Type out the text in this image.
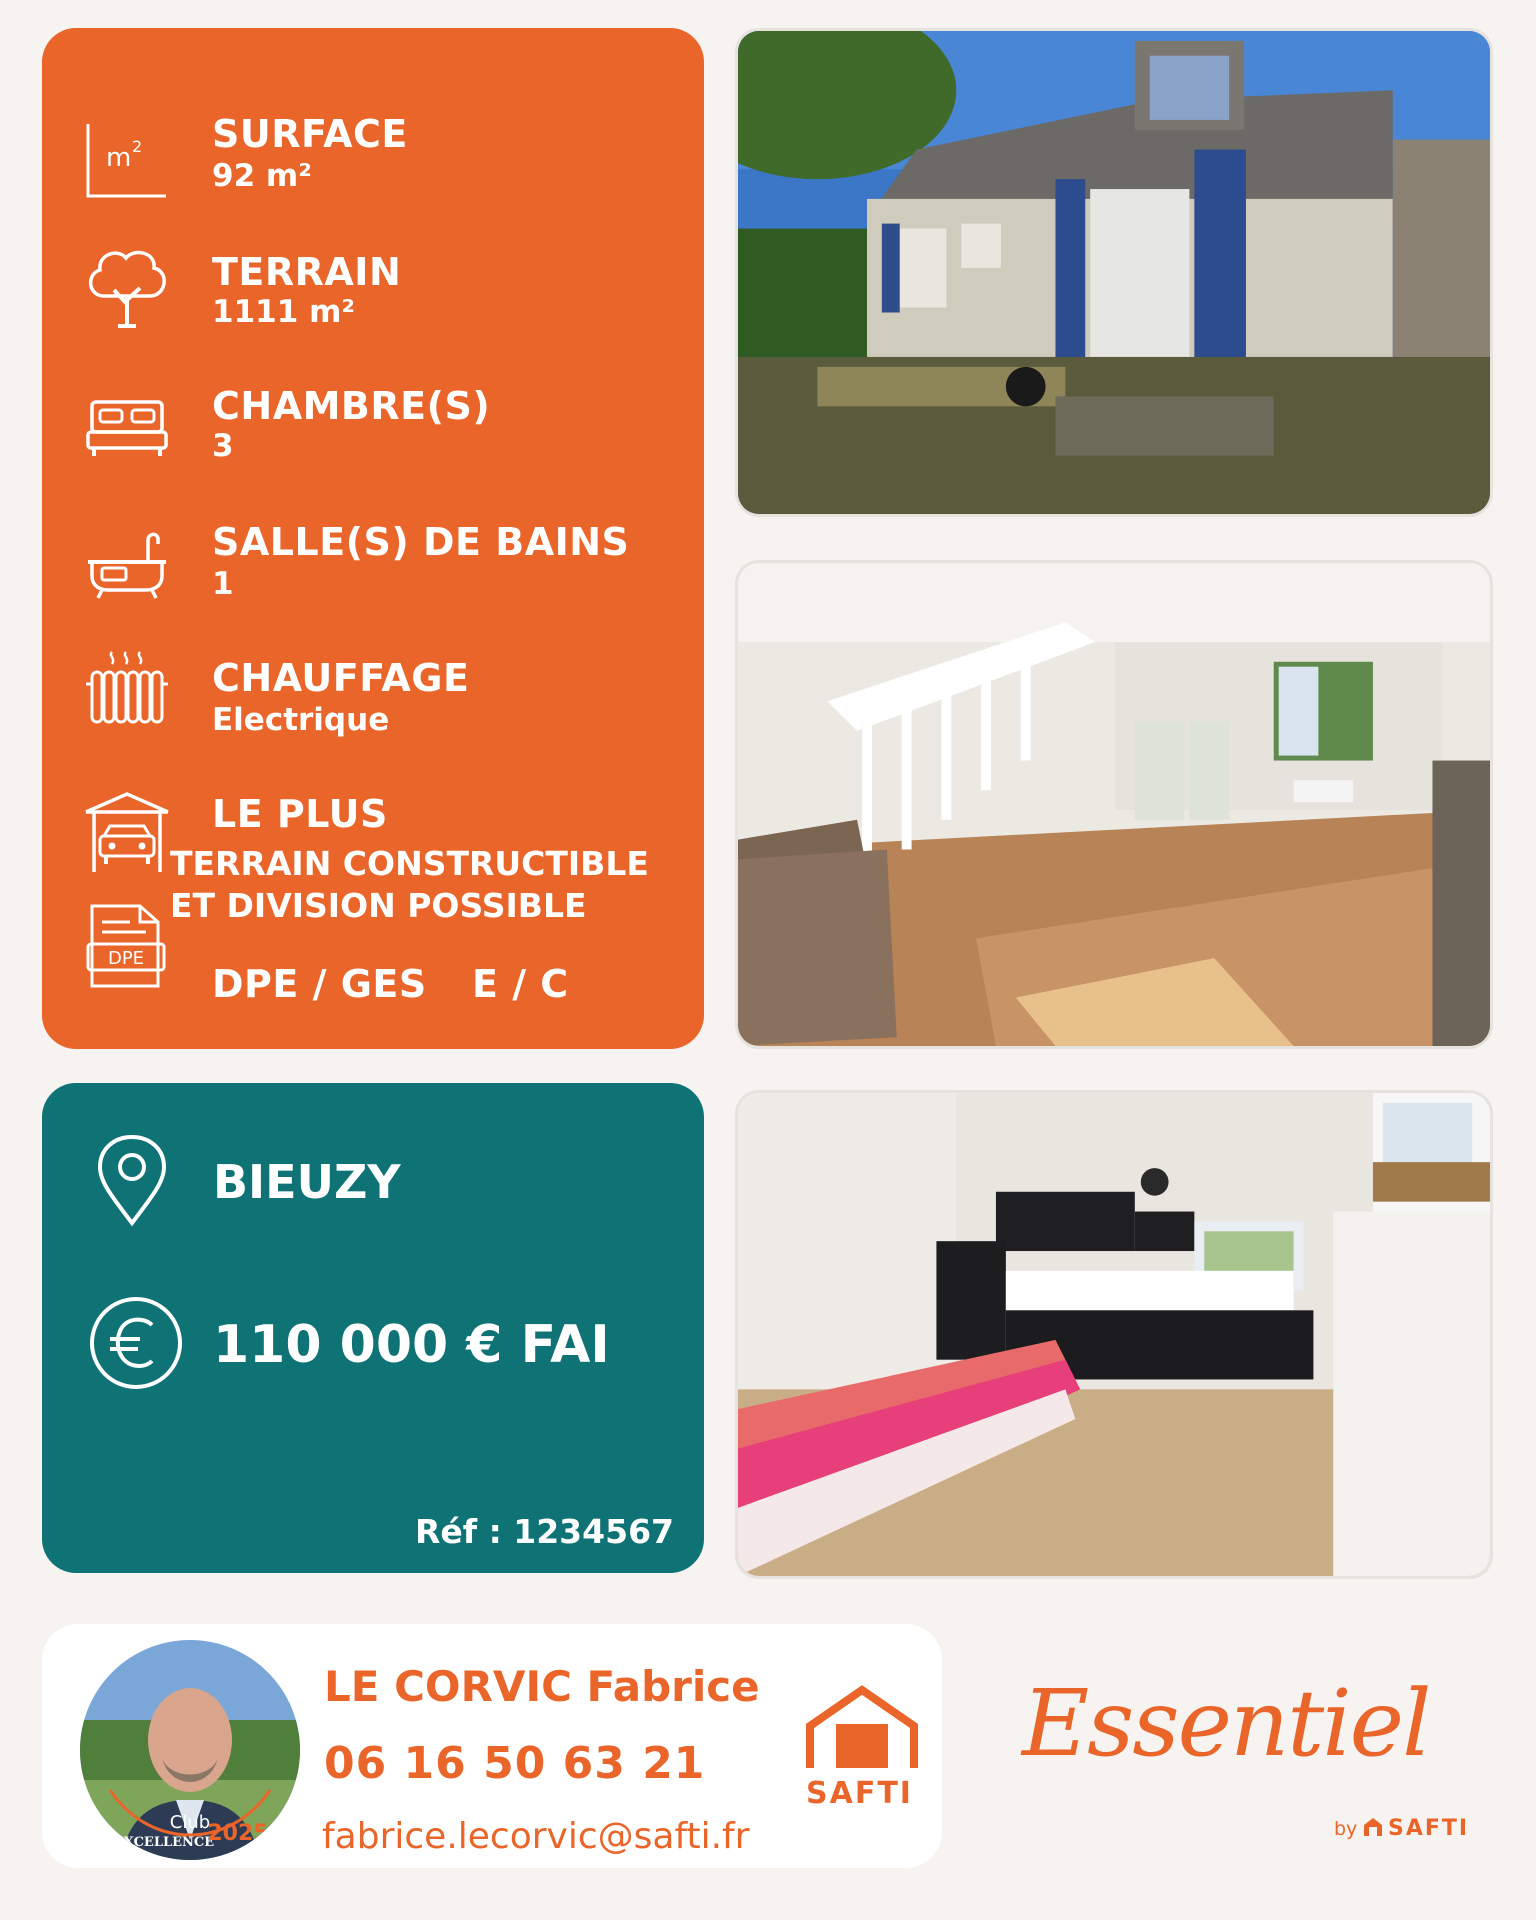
m 2 SURFACE
92 m²
TERRAIN
1111 m²
CHAMBRE(S)
3
SALLE(S) DE BAINS
1
CHAUFFAGE
Electrique
LE PLUS
TERRAIN CONSTRUCTIBLE
ET DIVISION POSSIBLE
DPE
DPE / GES E / C
BIEUZY
110 000 € FAI
Réf : 1234567
Club
EXCELLENCE
2025
LE CORVIC Fabrice
06 16 50 63 21
fabrice.lecorvic@safti.fr
SAFTI
Essentiel
by SAFTI
